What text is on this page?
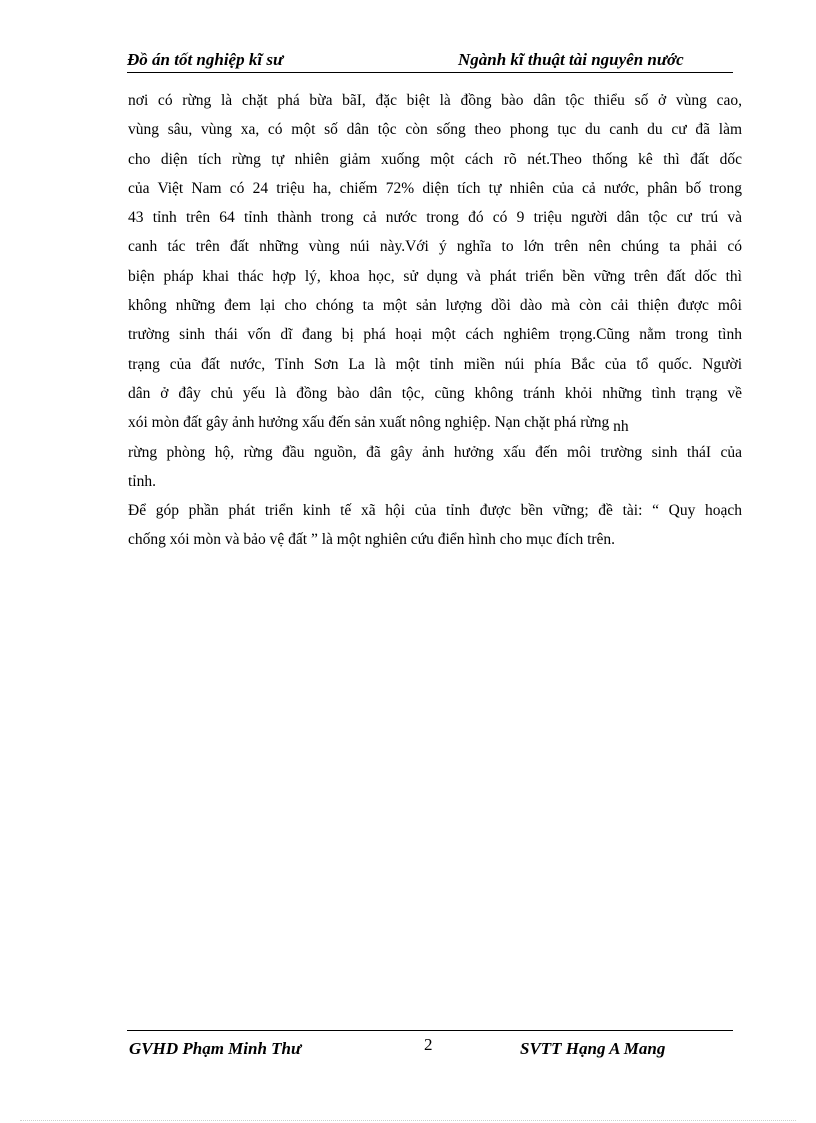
Đồ án tốt nghiệp kĩ sư	Ngành kĩ thuật tài nguyên nước
nơi có rừng là chặt phá bừa bãI, đặc biệt là đồng bào dân tộc thiểu số ở vùng cao,
vùng sâu, vùng xa, có một số dân tộc còn sống theo phong tục du canh du cư đã làm
cho diện tích rừng tự nhiên giảm xuống một cách rõ nét.Theo thống kê thì đất dốc
của Việt Nam có 24 triệu ha, chiếm 72% diện tích tự nhiên của cả nước, phân bố trong
43 tỉnh trên 64 tỉnh thành trong cả nước trong đó có 9 triệu người dân tộc cư trú và
canh tác trên đất những vùng núi này.Với ý nghĩa to lớn trên nên chúng ta phải có
biện pháp khai thác hợp lý, khoa học, sử dụng và phát triển bền vững trên đất dốc thì
không những đem lại cho chóng ta một sản lượng dồi dào mà còn cải thiện được môi
trường sinh thái vốn dĩ đang bị phá hoại một cách nghiêm trọng.Cũng nằm trong tình
trạng của đất nước, Tỉnh Sơn La là một tỉnh miền núi phía Bắc của tổ quốc. Người
dân ở đây chủ yếu là đồng bào dân tộc, cũng không tránh khỏi những tình trạng về
xói mòn đất gây ảnh hưởng xấu đến sản xuất nông nghiệp. Nạn chặt phá rừng nh
rừng phòng hộ, rừng đầu nguồn, đã gây ảnh hưởng xấu đến môi trường sinh tháI của
tỉnh.
Để góp phần phát triển kinh tế xã hội của tỉnh được bền vững; đề tài: “ Quy hoạch
chống xói mòn và bảo vệ đất ” là một nghiên cứu điển hình cho mục đích trên.
GVHD Phạm Minh Thư	2	SVTT Hạng A Mang
